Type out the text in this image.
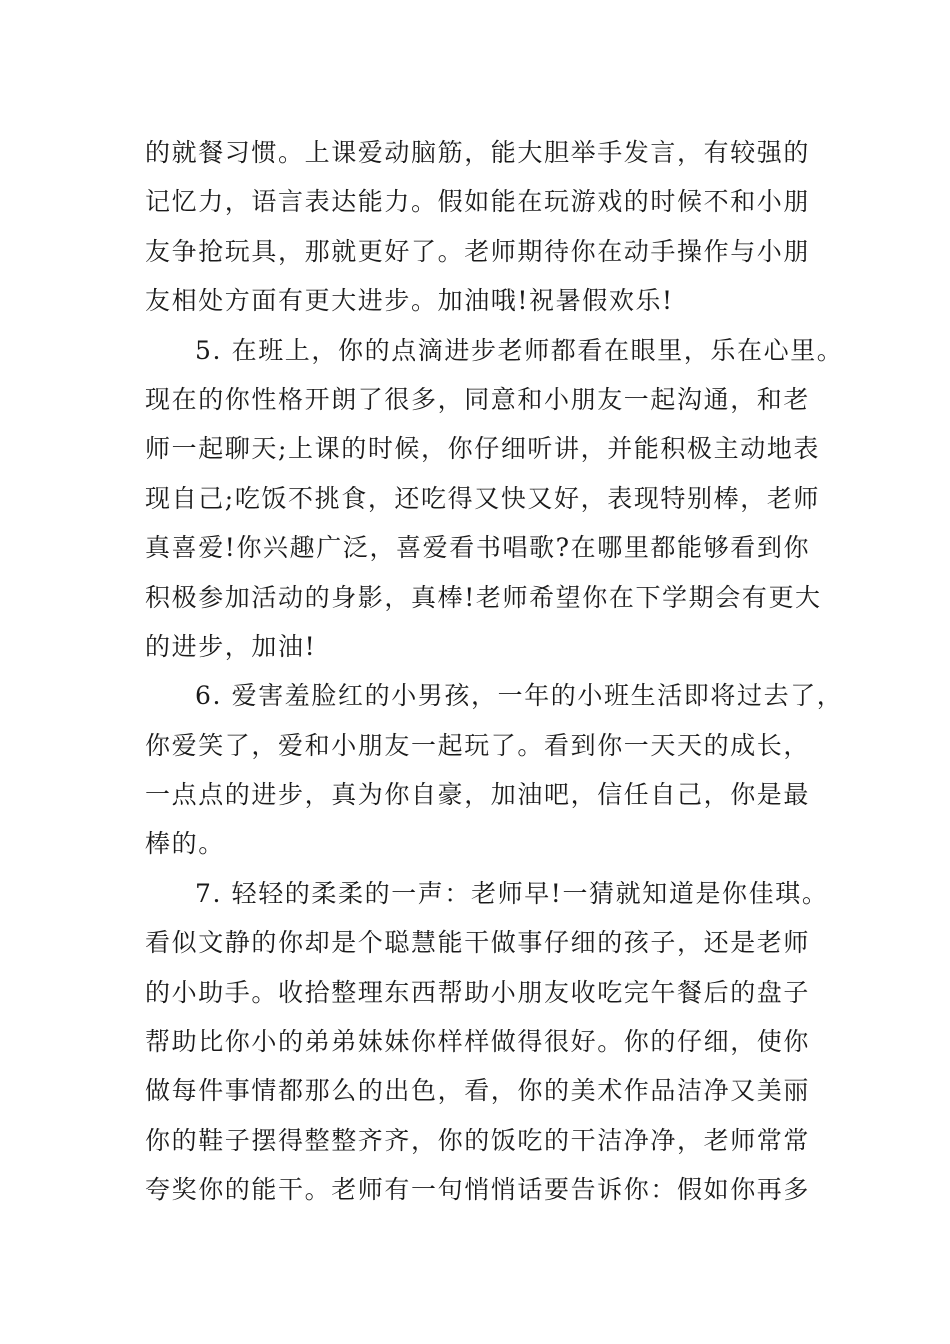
的就餐习惯。上课爱动脑筋，能大胆举手发言，有较强的
记忆力，语言表达能力。假如能在玩游戏的时候不和小朋
友争抢玩具，那就更好了。老师期待你在动手操作与小朋
友相处方面有更大进步。加油哦!祝暑假欢乐!
5. 在班上，你的点滴进步老师都看在眼里，乐在心里。
现在的你性格开朗了很多，同意和小朋友一起沟通，和老
师一起聊天;上课的时候，你仔细听讲，并能积极主动地表
现自己;吃饭不挑食，还吃得又快又好，表现特别棒，老师
真喜爱!你兴趣广泛，喜爱看书唱歌?在哪里都能够看到你
积极参加活动的身影，真棒!老师希望你在下学期会有更大
的进步，加油!
6. 爱害羞脸红的小男孩，一年的小班生活即将过去了，
你爱笑了，爱和小朋友一起玩了。看到你一天天的成长，
一点点的进步，真为你自豪，加油吧，信任自己，你是最
棒的。
7. 轻轻的柔柔的一声：老师早!一猜就知道是你佳琪。
看似文静的你却是个聪慧能干做事仔细的孩子，还是老师
的小助手。收拾整理东西帮助小朋友收吃完午餐后的盘子
帮助比你小的弟弟妹妹你样样做得很好。你的仔细，使你
做每件事情都那么的出色，看，你的美术作品洁净又美丽
你的鞋子摆得整整齐齐，你的饭吃的干洁净净，老师常常
夸奖你的能干。老师有一句悄悄话要告诉你：假如你再多
